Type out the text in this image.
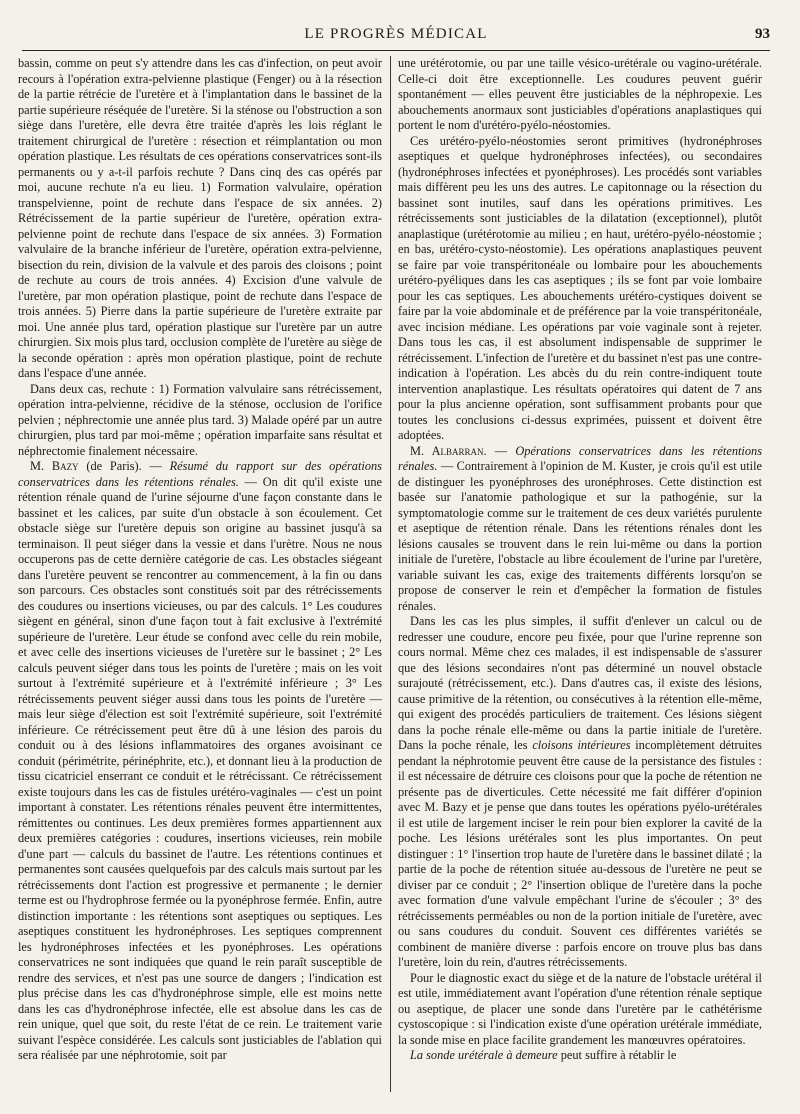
LE PROGRÈS MÉDICAL	93

bassin, comme on peut s'y attendre dans les cas d'infection, on peut avoir recours à l'opération extra-pelvienne plastique (Fenger) ou à la résection de la partie rétrécie de l'uretère et à l'implantation dans le bassinet de la partie supérieure réséquée de l'uretère. Si la sténose ou l'obstruction a son siège dans l'uretère, elle devra être traitée d'après les lois réglant le traitement chirurgical de l'uretère : résection et réimplantation ou mon opération plastique. Les résultats de ces opérations conservatrices sont-ils permanents ou y a-t-il parfois rechute ? Dans cinq des cas opérés par moi, aucune rechute n'a eu lieu. 1) Formation valvulaire, opération transpelvienne, point de rechute dans l'espace de six années. 2) Rétrécissement de la partie supérieur de l'uretère, opération extra-pelvienne point de rechute dans l'espace de six années. 3) Formation valvulaire de la branche inférieur de l'uretère, opération extra-pelvienne, bisection du rein, division de la valvule et des parois des cloisons ; point de rechute au cours de trois années. 4) Excision d'une valvule de l'uretère, par mon opération plastique, point de rechute dans l'espace de trois années. 5) Pierre dans la partie supérieure de l'uretère extraite par moi. Une année plus tard, opération plastique sur l'uretère par un autre chirurgien. Six mois plus tard, occlusion complète de l'uretère au siège de la seconde opération : après mon opération plastique, point de rechute dans l'espace d'une année.

Dans deux cas, rechute : 1) Formation valvulaire sans rétrécissement, opération intra-pelvienne, récidive de la sténose, occlusion de l'orifice pelvien ; néphrectomie une année plus tard. 3) Malade opéré par un autre chirurgien, plus tard par moi-même ; opération imparfaite sans résultat et néphrectomie finalement nécessaire.

M. Bazy (de Paris). — Résumé du rapport sur des opérations conservatrices dans les rétentions rénales. — On dit qu'il existe une rétention rénale quand de l'urine séjourne d'une façon constante dans le bassinet et les calices, par suite d'un obstacle à son écoulement. Cet obstacle siège sur l'uretère depuis son origine au bassinet jusqu'à sa terminaison. Il peut siéger dans la vessie et dans l'urètre. Nous ne nous occuperons pas de cette dernière catégorie de cas. Les obstacles siégeant dans l'uretère peuvent se rencontrer au commencement, à la fin ou dans son parcours. Ces obstacles sont constitués soit par des rétrécissements des coudures ou insertions vicieuses, ou par des calculs. 1° Les coudures siègent en général, sinon d'une façon tout à fait exclusive à l'extrémité supérieure de l'uretère. Leur étude se confond avec celle du rein mobile, et avec celle des insertions vicieuses de l'uretère sur le bassinet ; 2° Les calculs peuvent siéger dans tous les points de l'uretère ; mais on les voit surtout à l'extrémité supérieure et à l'extrémité inférieure ; 3° Les rétrécissements peuvent siéger aussi dans tous les points de l'uretère — mais leur siège d'élection est soit l'extrémité supérieure, soit l'extrémité inférieure. Ce rétrécissement peut être dû à une lésion des parois du conduit ou à des lésions inflammatoires des organes avoisinant ce conduit (périmétrite, périnéphrite, etc.), et donnant lieu à la production de tissu cicatriciel enserrant ce conduit et le rétrécissant. Ce rétrécissement existe toujours dans les cas de fistules urétéro-vaginales — c'est un point important à constater. Les rétentions rénales peuvent être intermittentes, rémittentes ou continues. Les deux premières formes appartiennent aux deux premières catégories : coudures, insertions vicieuses, rein mobile d'une part — calculs du bassinet de l'autre. Les rétentions continues et permanentes sont causées quelquefois par des calculs mais surtout par les rétrécissements dont l'action est progressive et permanente ; le dernier terme est ou l'hydrophrose fermée ou la pyonéphrose fermée. Enfin, autre distinction importante : les rétentions sont aseptiques ou septiques. Les aseptiques constituent les hydronéphroses. Les septiques comprennent les hydronéphroses infectées et les pyonéphroses. Les opérations conservatrices ne sont indiquées que quand le rein paraît susceptible de rendre des services, et n'est pas une source de dangers ; l'indication est plus précise dans les cas d'hydronéphrose simple, elle est moins nette dans les cas d'hydronéphrose infectée, elle est absolue dans les cas de rein unique, quel que soit, du reste l'état de ce rein. Le traitement varie suivant l'espèce considérée. Les calculs sont justiciables de l'ablation qui sera réalisée par une néphrotomie, soit par

une urétérotomie, ou par une taille vésico-urétérale ou vagino-urétérale. Celle-ci doit être exceptionnelle. Les coudures peuvent guérir spontanément — elles peuvent être justiciables de la néphropexie. Les abouchements anormaux sont justiciables d'opérations anaplastiques qui portent le nom d'urétéro-pyélo-néostomies.

Ces urétéro-pyélo-néostomies seront primitives (hydronéphroses aseptiques et quelque hydronéphroses infectées), ou secondaires (hydronéphroses infectées et pyonéphroses). Les procédés sont variables mais diffèrent peu les uns des autres. Le capitonnage ou la résection du bassinet sont inutiles, sauf dans les opérations primitives. Les rétrécissements sont justiciables de la dilatation (exceptionnel), plutôt anaplastique (urétérotomie au milieu ; en haut, urétéro-pyélo-néostomie ; en bas, urétéro-cysto-néostomie). Les opérations anaplastiques peuvent se faire par voie transpéritonéale ou lombaire pour les abouchements urétéro-pyéliques dans les cas aseptiques ; ils se font par voie lombaire pour les cas septiques. Les abouchements urétéro-cystiques doivent se faire par la voie abdominale et de préférence par la voie transpéritonéale, avec incision médiane. Les opérations par voie vaginale sont à rejeter. Dans tous les cas, il est absolument indispensable de supprimer le rétrécissement. L'infection de l'uretère et du bassinet n'est pas une contre-indication à l'opération. Les abcès du du rein contre-indiquent toute intervention anaplastique. Les résultats opératoires qui datent de 7 ans pour la plus ancienne opération, sont suffisamment probants pour que toutes les conclusions ci-dessus exprimées, puissent et doivent être adoptées.

M. Albarran. — Opérations conservatrices dans les rétentions rénales. — Contrairement à l'opinion de M. Kuster, je crois qu'il est utile de distinguer les pyonéphroses des uronéphroses. Cette distinction est basée sur l'anatomie pathologique et sur la pathogénie, sur la symptomatologie comme sur le traitement de ces deux variétés purulente et aseptique de rétention rénale. Dans les rétentions rénales dont les lésions causales se trouvent dans le rein lui-même ou dans la portion initiale de l'uretère, l'obstacle au libre écoulement de l'urine par l'uretère, variable suivant les cas, exige des traitements différents lorsqu'on se propose de conserver le rein et d'empêcher la formation de fistules rénales.

Dans les cas les plus simples, il suffit d'enlever un calcul ou de redresser une coudure, encore peu fixée, pour que l'urine reprenne son cours normal. Même chez ces malades, il est indispensable de s'assurer que des lésions secondaires n'ont pas déterminé un nouvel obstacle surajouté (rétrécissement, etc.). Dans d'autres cas, il existe des lésions, cause primitive de la rétention, ou consécutives à la rétention elle-même, qui exigent des procédés particuliers de traitement. Ces lésions siègent dans la poche rénale elle-même ou dans la partie initiale de l'uretère. Dans la poche rénale, les cloisons intérieures incomplètement détruites pendant la néphrotomie peuvent être cause de la persistance des fistules : il est nécessaire de détruire ces cloisons pour que la poche de rétention ne présente pas de diverticules. Cette nécessité me fait différer d'opinion avec M. Bazy et je pense que dans toutes les opérations pyélo-urétérales il est utile de largement inciser le rein pour bien explorer la cavité de la poche. Les lésions urétérales sont les plus importantes. On peut distinguer : 1° l'insertion trop haute de l'uretère dans le bassinet dilaté ; la partie de la poche de rétention située au-dessous de l'uretère ne peut se diviser par ce conduit ; 2° l'insertion oblique de l'uretère dans la poche avec formation d'une valvule empêchant l'urine de s'écouler ; 3° des rétrécissements perméables ou non de la portion initiale de l'uretère, avec ou sans coudures du conduit. Souvent ces différentes variétés se combinent de manière diverse : parfois encore on trouve plus bas dans l'uretère, loin du rein, d'autres rétrécissements.

Pour le diagnostic exact du siège et de la nature de l'obstacle urétéral il est utile, immédiatement avant l'opération d'une rétention rénale septique ou aseptique, de placer une sonde dans l'uretère par le cathétérisme cystoscopique : si l'indication existe d'une opération urétérale immédiate, la sonde mise en place facilite grandement les manœuvres opératoires.

La sonde urétérale à demeure peut suffire à rétablir le
